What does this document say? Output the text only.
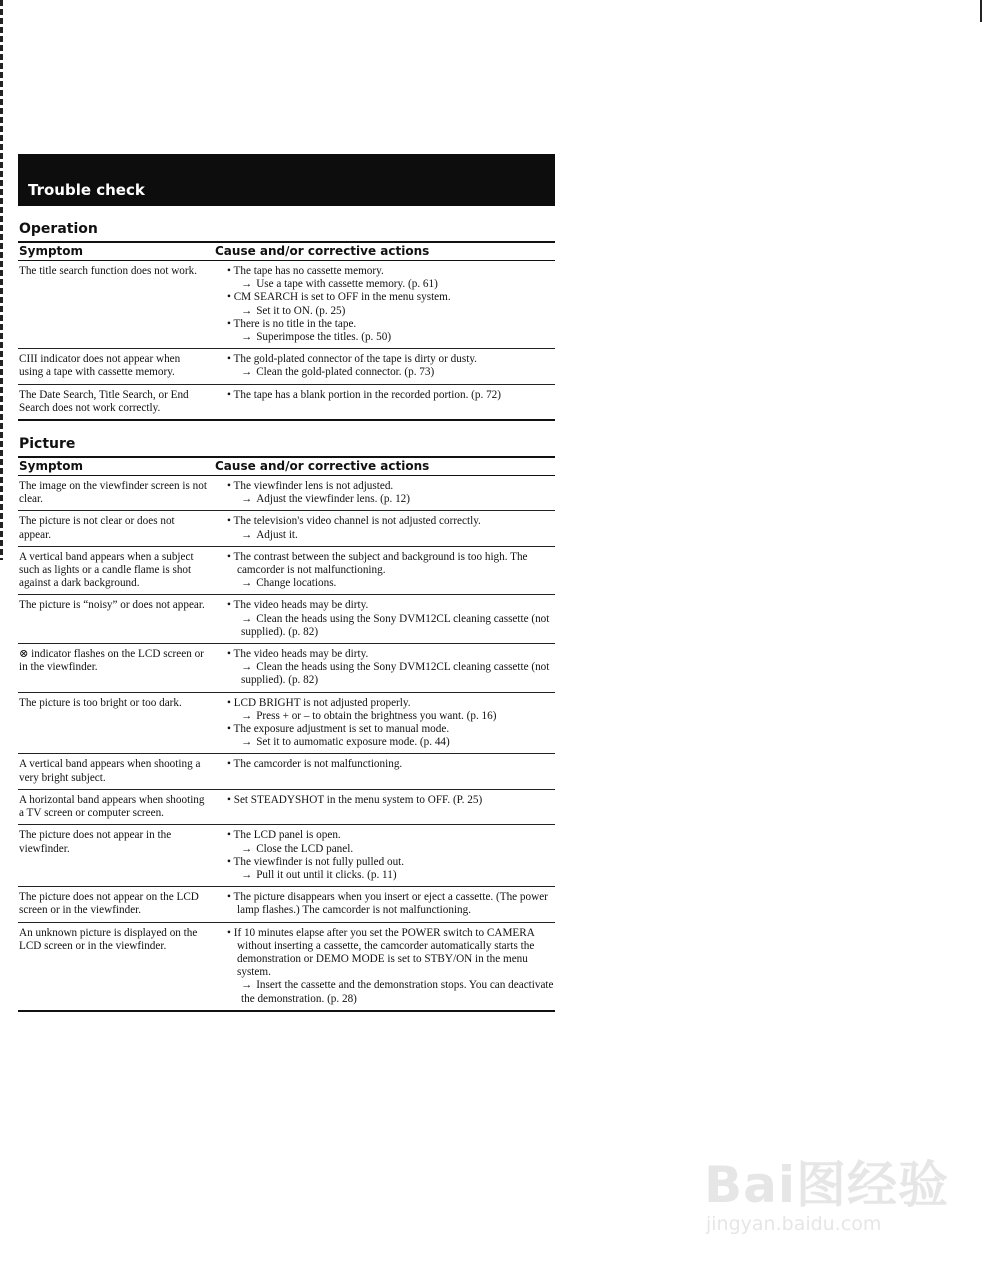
Trouble check
Operation
Symptom	Cause and/or corrective actions
The title search function does not work.	• The tape has no cassette memory.
→ Use a tape with cassette memory. (p. 61)
• CM SEARCH is set to OFF in the menu system.
→ Set it to ON. (p. 25)
• There is no title in the tape.
→ Superimpose the titles. (p. 50)
CIII indicator does not appear when using a tape with cassette memory.
• The gold-plated connector of the tape is dirty or dusty.
→ Clean the gold-plated connector. (p. 73)
The Date Search, Title Search, or End Search does not work correctly.
• The tape has a blank portion in the recorded portion. (p. 72)
Picture
Symptom	Cause and/or corrective actions
The image on the viewfinder screen is not clear.
• The viewfinder lens is not adjusted.
→ Adjust the viewfinder lens. (p. 12)
The picture is not clear or does not appear.
• The television's video channel is not adjusted correctly.
→ Adjust it.
A vertical band appears when a subject such as lights or a candle flame is shot against a dark background.
• The contrast between the subject and background is too high. The camcorder is not malfunctioning.
→ Change locations.
The picture is “noisy” or does not appear.	• The video heads may be dirty.
→ Clean the heads using the Sony DVM12CL cleaning cassette (not supplied). (p. 82)
⊗ indicator flashes on the LCD screen or in the viewfinder.
• The video heads may be dirty.
→ Clean the heads using the Sony DVM12CL cleaning cassette (not supplied). (p. 82)
The picture is too bright or too dark.	• LCD BRIGHT is not adjusted properly.
→ Press + or – to obtain the brightness you want. (p. 16)
• The exposure adjustment is set to manual mode.
→ Set it to aumomatic exposure mode. (p. 44)
A vertical band appears when shooting a very bright subject.
• The camcorder is not malfunctioning.
A horizontal band appears when shooting a TV screen or computer screen.
• Set STEADYSHOT in the menu system to OFF. (P. 25)
The picture does not appear in the viewfinder.
• The LCD panel is open.
→ Close the LCD panel.
• The viewfinder is not fully pulled out.
→ Pull it out until it clicks. (p. 11)
The picture does not appear on the LCD screen or in the viewfinder.
• The picture disappears when you insert or eject a cassette. (The power lamp flashes.) The camcorder is not malfunctioning.
An unknown picture is displayed on the LCD screen or in the viewfinder.
• If 10 minutes elapse after you set the POWER switch to CAMERA without inserting a cassette, the camcorder automatically starts the demonstration or DEMO MODE is set to STBY/ON in the menu system.
→ Insert the cassette and the demonstration stops. You can deactivate the demonstration. (p. 28)
Bai图经验
jingyan.baidu.com
